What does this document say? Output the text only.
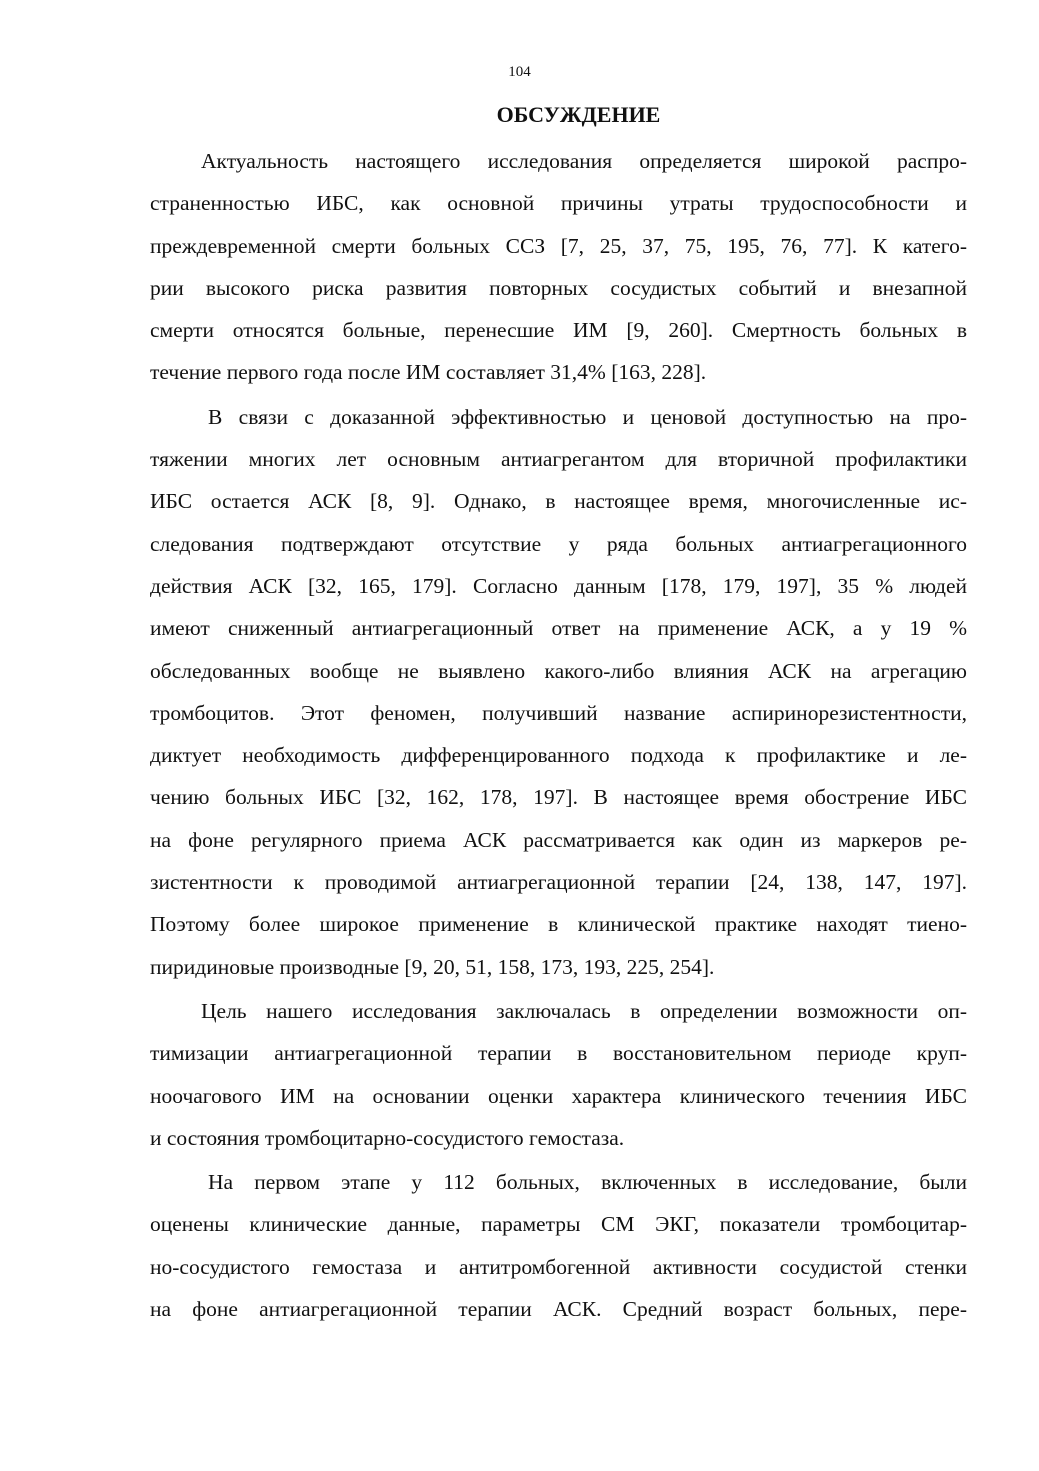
104
ОБСУЖДЕНИЕ
Актуальность настоящего исследования определяется широкой распро-
страненностью ИБС, как основной причины утраты трудоспособности и
преждевременной смерти больных ССЗ [7, 25, 37, 75, 195, 76, 77]. К катего-
рии высокого риска развития повторных сосудистых событий и внезапной
смерти относятся больные, перенесшие ИМ [9, 260]. Смертность больных в
течение первого года после ИМ составляет 31,4% [163, 228].
В связи с доказанной эффективностью и ценовой доступностью на про-
тяжении многих лет основным антиагрегантом для вторичной профилактики
ИБС остается АСК [8, 9]. Однако, в настоящее время, многочисленные ис-
следования подтверждают отсутствие у ряда больных антиагрегационного
действия АСК [32, 165, 179]. Согласно данным [178, 179, 197], 35 % людей
имеют сниженный антиагрегационный ответ на применение АСК, а у 19 %
обследованных вообще не выявлено какого-либо влияния АСК на агрегацию
тромбоцитов. Этот феномен, получивший название аспиринорезистентности,
диктует необходимость дифференцированного подхода к профилактике и ле-
чению больных ИБС [32, 162, 178, 197]. В настоящее время обострение ИБС
на фоне регулярного приема АСК рассматривается как один из маркеров ре-
зистентности к проводимой антиагрегационной терапии [24, 138, 147, 197].
Поэтому более широкое применение в клинической практике находят тиено-
пиридиновые производные [9, 20, 51, 158, 173, 193, 225, 254].
Цель нашего исследования заключалась в определении возможности оп-
тимизации антиагрегационной терапии в восстановительном периоде круп-
ноочагового ИМ на основании оценки характера клинического течениия ИБС
и состояния тромбоцитарно-сосудистого гемостаза.
На первом этапе у 112 больных, включенных в исследование, были
оценены клинические данные, параметры СМ ЭКГ, показатели тромбоцитар-
но-сосудистого гемостаза и антитромбогенной активности сосудистой стенки
на фоне антиагрегационной терапии АСК. Средний возраст больных, пере-
